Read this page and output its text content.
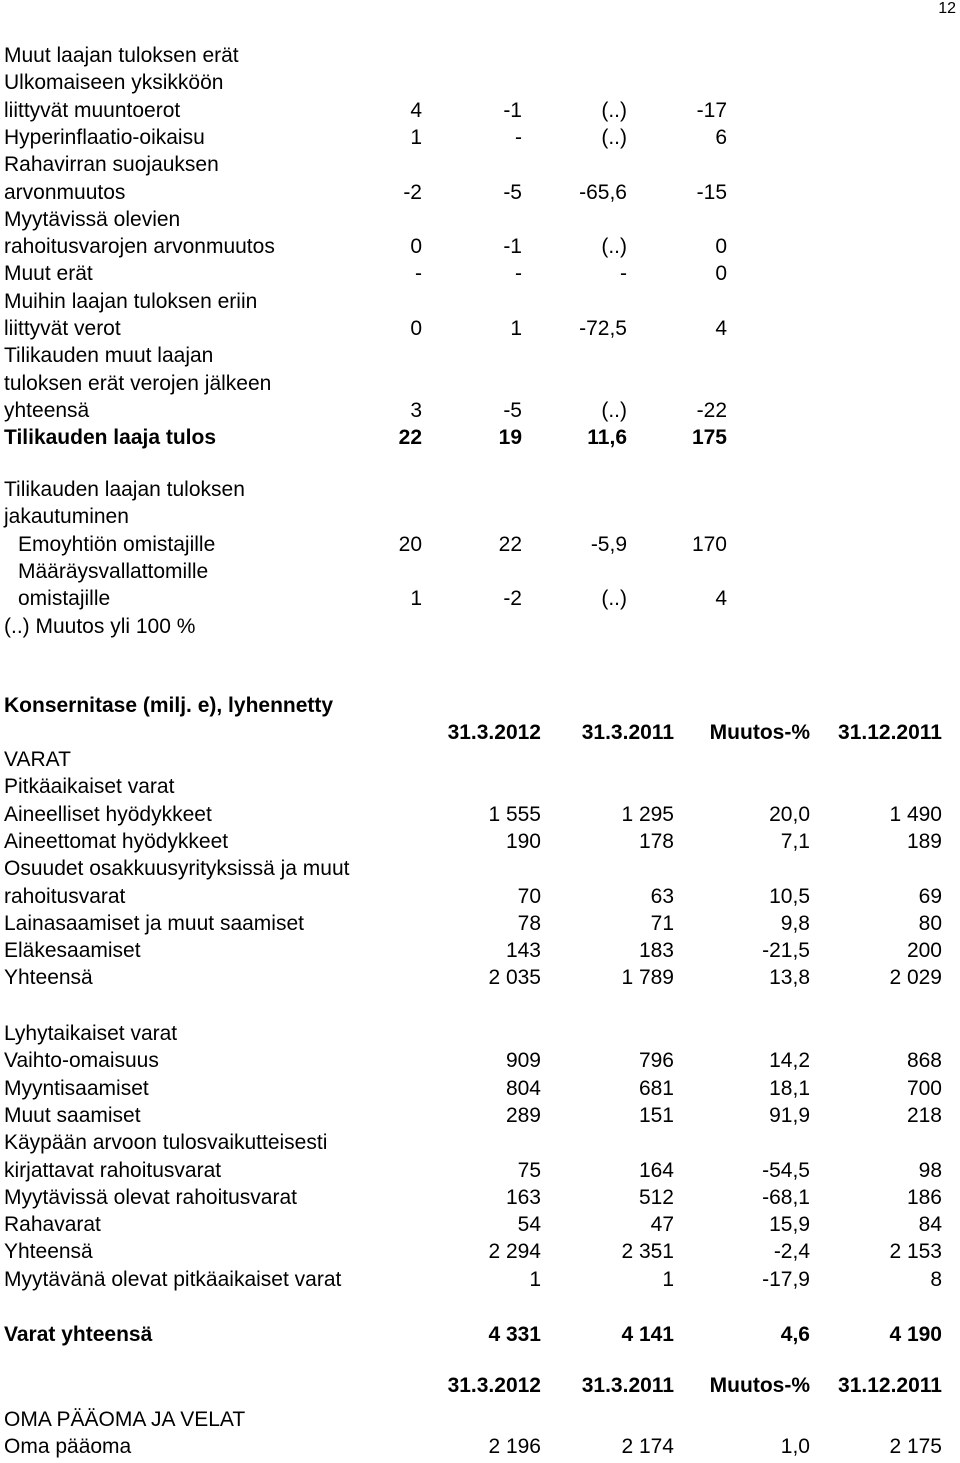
12
Muut laajan tuloksen erät
Ulkomaiseen yksikköön
liittyvät muuntoerot	4	-1	(..)	-17
Hyperinflaatio-oikaisu	1	-	(..)	6
Rahavirran suojauksen
arvonmuutos	-2	-5	-65,6	-15
Myytävissä olevien
rahoitusvarojen arvonmuutos	0	-1	(..)	0
Muut erät	-	-	-	0
Muihin laajan tuloksen eriin
liittyvät verot	0	1	-72,5	4
Tilikauden muut laajan
tuloksen erät verojen jälkeen
yhteensä	3	-5	(..)	-22
Tilikauden laaja tulos	22	19	11,6	175
Tilikauden laajan tuloksen
jakautuminen
Emoyhtiön omistajille	20	22	-5,9	170
Määräysvallattomille
omistajille	1	-2	(..)	4
(..) Muutos yli 100 %
Konsernitase (milj. e), lyhennetty
31.3.2012 31.3.2011 Muutos-% 31.12.2011
VARAT
Pitkäaikaiset varat
Aineelliset hyödykkeet	1 555	1 295	20,0	1 490
Aineettomat hyödykkeet	190	178	7,1	189
Osuudet osakkuusyrityksissä ja muut
rahoitusvarat	70	63	10,5	69
Lainasaamiset ja muut saamiset	78	71	9,8	80
Eläkesaamiset	143	183	-21,5	200
Yhteensä	2 035	1 789	13,8	2 029
Lyhytaikaiset varat
Vaihto-omaisuus	909	796	14,2	868
Myyntisaamiset	804	681	18,1	700
Muut saamiset	289	151	91,9	218
Käypään arvoon tulosvaikutteisesti
kirjattavat rahoitusvarat	75	164	-54,5	98
Myytävissä olevat rahoitusvarat	163	512	-68,1	186
Rahavarat	54	47	15,9	84
Yhteensä	2 294	2 351	-2,4	2 153
Myytävänä olevat pitkäaikaiset varat	1	1	-17,9	8
Varat yhteensä	4 331	4 141	4,6	4 190
31.3.2012 31.3.2011 Muutos-% 31.12.2011
OMA PÄÄOMA JA VELAT
Oma pääoma	2 196	2 174	1,0	2 175
